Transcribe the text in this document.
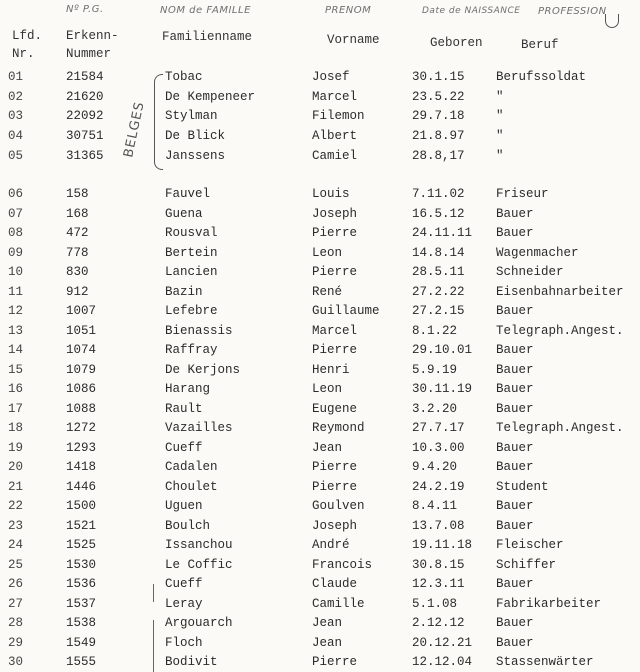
Nº P.G.	NOM de FAMILLE	PRENOM	Date de NAISSANCE PROFESSION
Lfd.
Nr.
Erkenn-
Nummer
Familienname	Vorname	Geboren	Beruf
BELGES
01	21584	Tobac	Josef	30.1.15	Berufssoldat
02	21620	De Kempeneer	Marcel	23.5.22	"
03	22092	Stylman	Filemon	29.7.18	"
04	30751	De Blick	Albert	21.8.97	"
05	31365	Janssens	Camiel	28.8,17	"
06	158	Fauvel	Louis	7.11.02	Friseur
07	168	Guena	Joseph	16.5.12	Bauer
08	472	Rousval	Pierre	24.11.11 Bauer
09	778	Bertein	Leon	14.8.14	Wagenmacher
10	830	Lancien	Pierre	28.5.11	Schneider
11	912	Bazin	René	27.2.22	Eisenbahnarbeiter
12	1007	Lefebre	Guillaume	27.2.15	Bauer
13	1051	Bienassis	Marcel	8.1.22	Telegraph.Angest.
14	1074	Raffray	Pierre	29.10.01 Bauer
15	1079	De Kerjons	Henri	5.9.19	Bauer
16	1086	Harang	Leon	30.11.19 Bauer
17	1088	Rault	Eugene	3.2.20	Bauer
18	1272	Vazailles	Reymond	27.7.17	Telegraph.Angest.
19	1293	Cueff	Jean	10.3.00	Bauer
20	1418	Cadalen	Pierre	9.4.20	Bauer
21	1446	Choulet	Pierre	24.2.19	Student
22	1500	Uguen	Goulven	8.4.11	Bauer
23	1521	Boulch	Joseph	13.7.08	Bauer
24	1525	Issanchou	André	19.11.18 Fleischer
25	1530	Le Coffic	Francois	30.8.15	Schiffer
26	1536	Cueff	Claude	12.3.11	Bauer
27	1537	Leray	Camille	5.1.08	Fabrikarbeiter
28	1538	Argouarch	Jean	2.12.12	Bauer
29	1549	Floch	Jean	20.12.21 Bauer
30	1555	Bodivit	Pierre	12.12.04 Stassenwärter
